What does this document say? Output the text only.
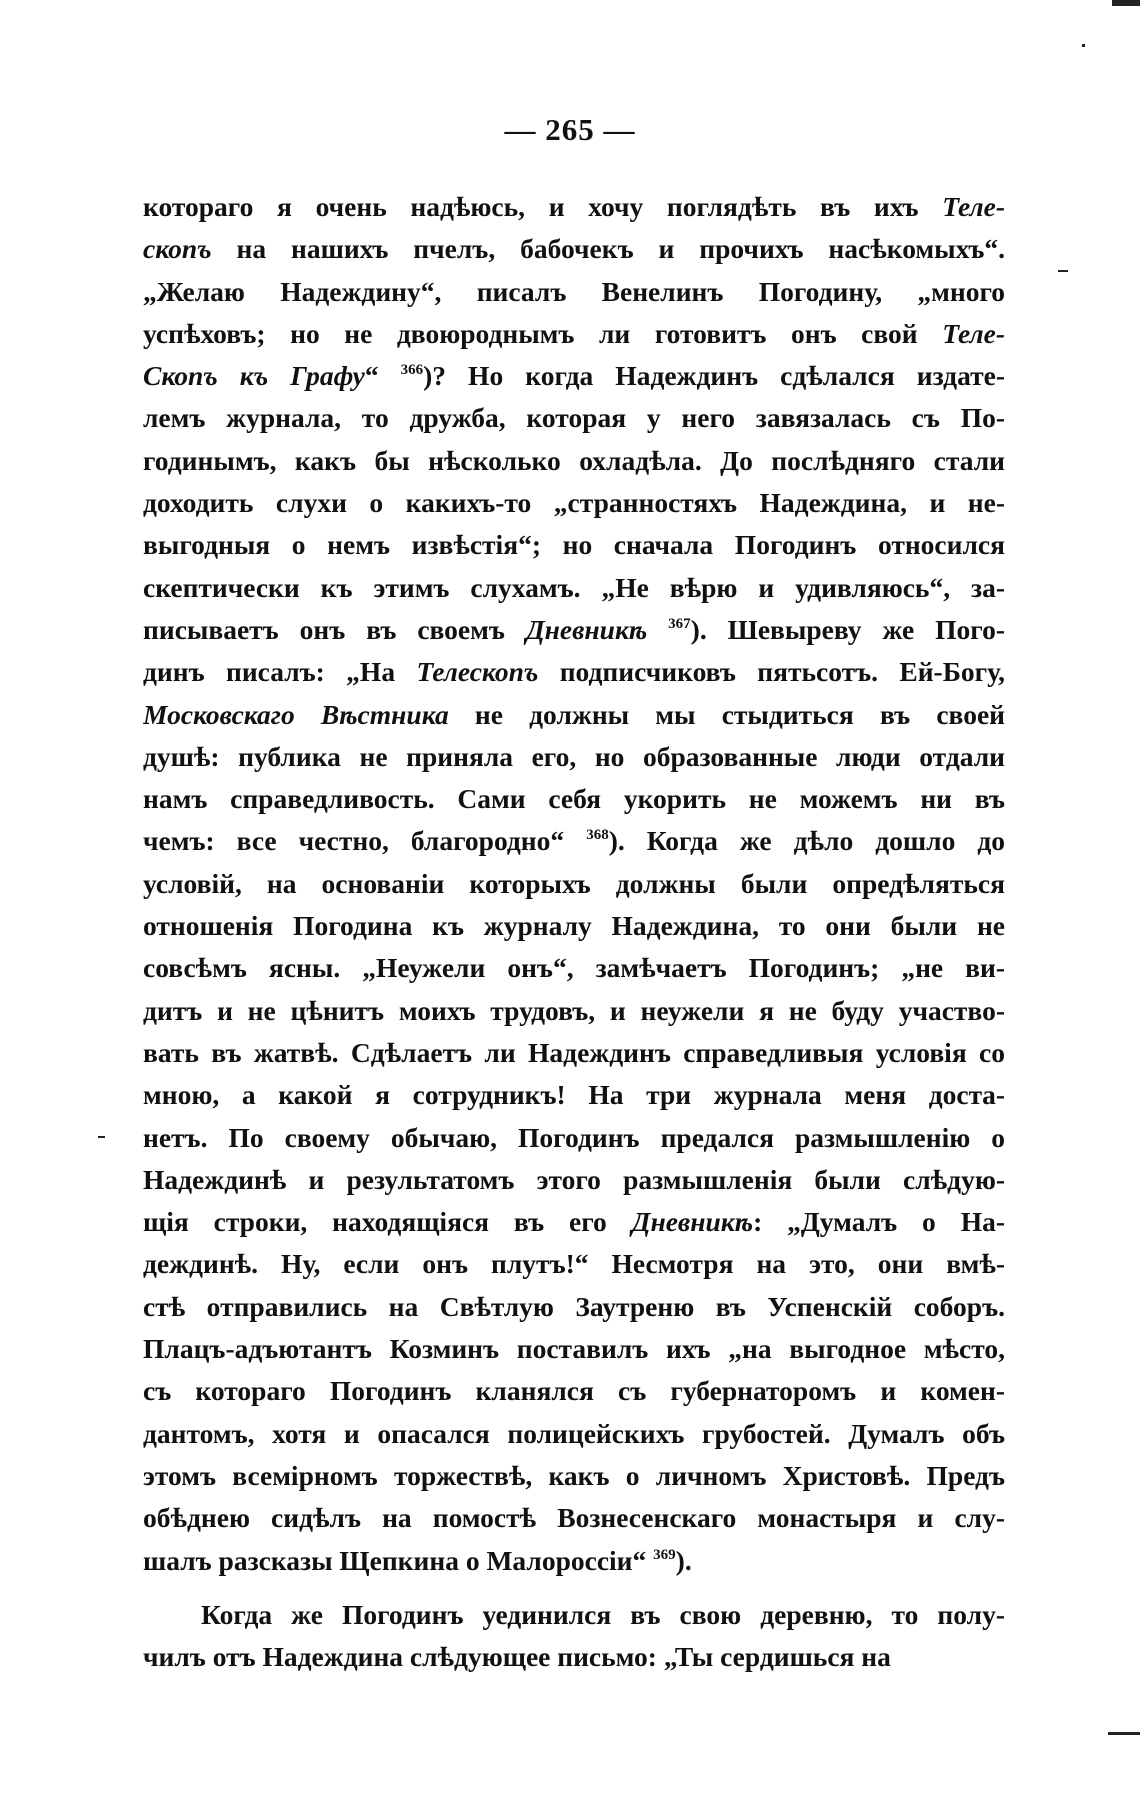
— 265 —
котораго я очень надѣюсь, и хочу поглядѣть въ ихъ Теле-
скопъ на нашихъ пчелъ, бабочекъ и прочихъ насѣкомыхъ“.
„Желаю Надеждину“, писалъ Венелинъ Погодину, „много
успѣховъ; но не двоюроднымъ ли готовитъ онъ свой Теле-
Скопъ къ Графу“ $^{366}$)? Но когда Надеждинъ сдѣлался издате-
лемъ журнала, то дружба, которая у него завязалась съ По-
годинымъ, какъ бы нѣсколько охладѣла. До послѣдняго стали
доходить слухи о какихъ-то „странностяхъ Надеждина, и не-
выгодныя о немъ извѣстія“; но сначала Погодинъ относился
скептически къ этимъ слухамъ. „Не вѣрю и удивляюсь“, за-
писываетъ онъ въ своемъ Дневникѣ $^{367}$). Шевыреву же Пого-
динъ писалъ: „На Телескопъ подписчиковъ пятьсотъ. Ей-Богу,
Московскаго Вѣстника не должны мы стыдиться въ своей
душѣ: публика не приняла его, но образованные люди отдали
намъ справедливость. Сами себя укорить не можемъ ни въ
чемъ: все честно, благородно“ $^{368}$). Когда же дѣло дошло до
условій, на основаніи которыхъ должны были опредѣляться
отношенія Погодина къ журналу Надеждина, то они были не
совсѣмъ ясны. „Неужели онъ“, замѣчаетъ Погодинъ; „не ви-
дитъ и не цѣнитъ моихъ трудовъ, и неужели я не буду участво-
вать въ жатвѣ. Сдѣлаетъ ли Надеждинъ справедливыя условія со
мною, а какой я сотрудникъ! На три журнала меня достa-
нетъ. По своему обычаю, Погодинъ предался размышленію о
Надеждинѣ и результатомъ этого размышленія были слѣдую-
щія строки, находящіяся въ его Дневникѣ: „Думалъ о На-
деждинѣ. Ну, если онъ плутъ!“ Несмотря на это, они вмѣ-
стѣ отправились на Свѣтлую Заутреню въ Успенскій соборъ.
Плацъ-адъютантъ Козминъ поставилъ ихъ „на выгодное мѣсто,
съ котораго Погодинъ кланялся съ губернаторомъ и комен-
дантомъ, хотя и опасался полицейскихъ грубостей. Думалъ объ
этомъ всемірномъ торжествѣ, какъ о личномъ Христовѣ. Предъ
обѣднею сидѣлъ на помостѣ Вознесенскаго монастыря и слу-
шалъ разсказы Щепкина о Малороссіи“ $^{369}$).
Когда же Погодинъ уединился въ свою деревню, то полу-
чилъ отъ Надеждина слѣдующее письмо: „Ты сердишься на
